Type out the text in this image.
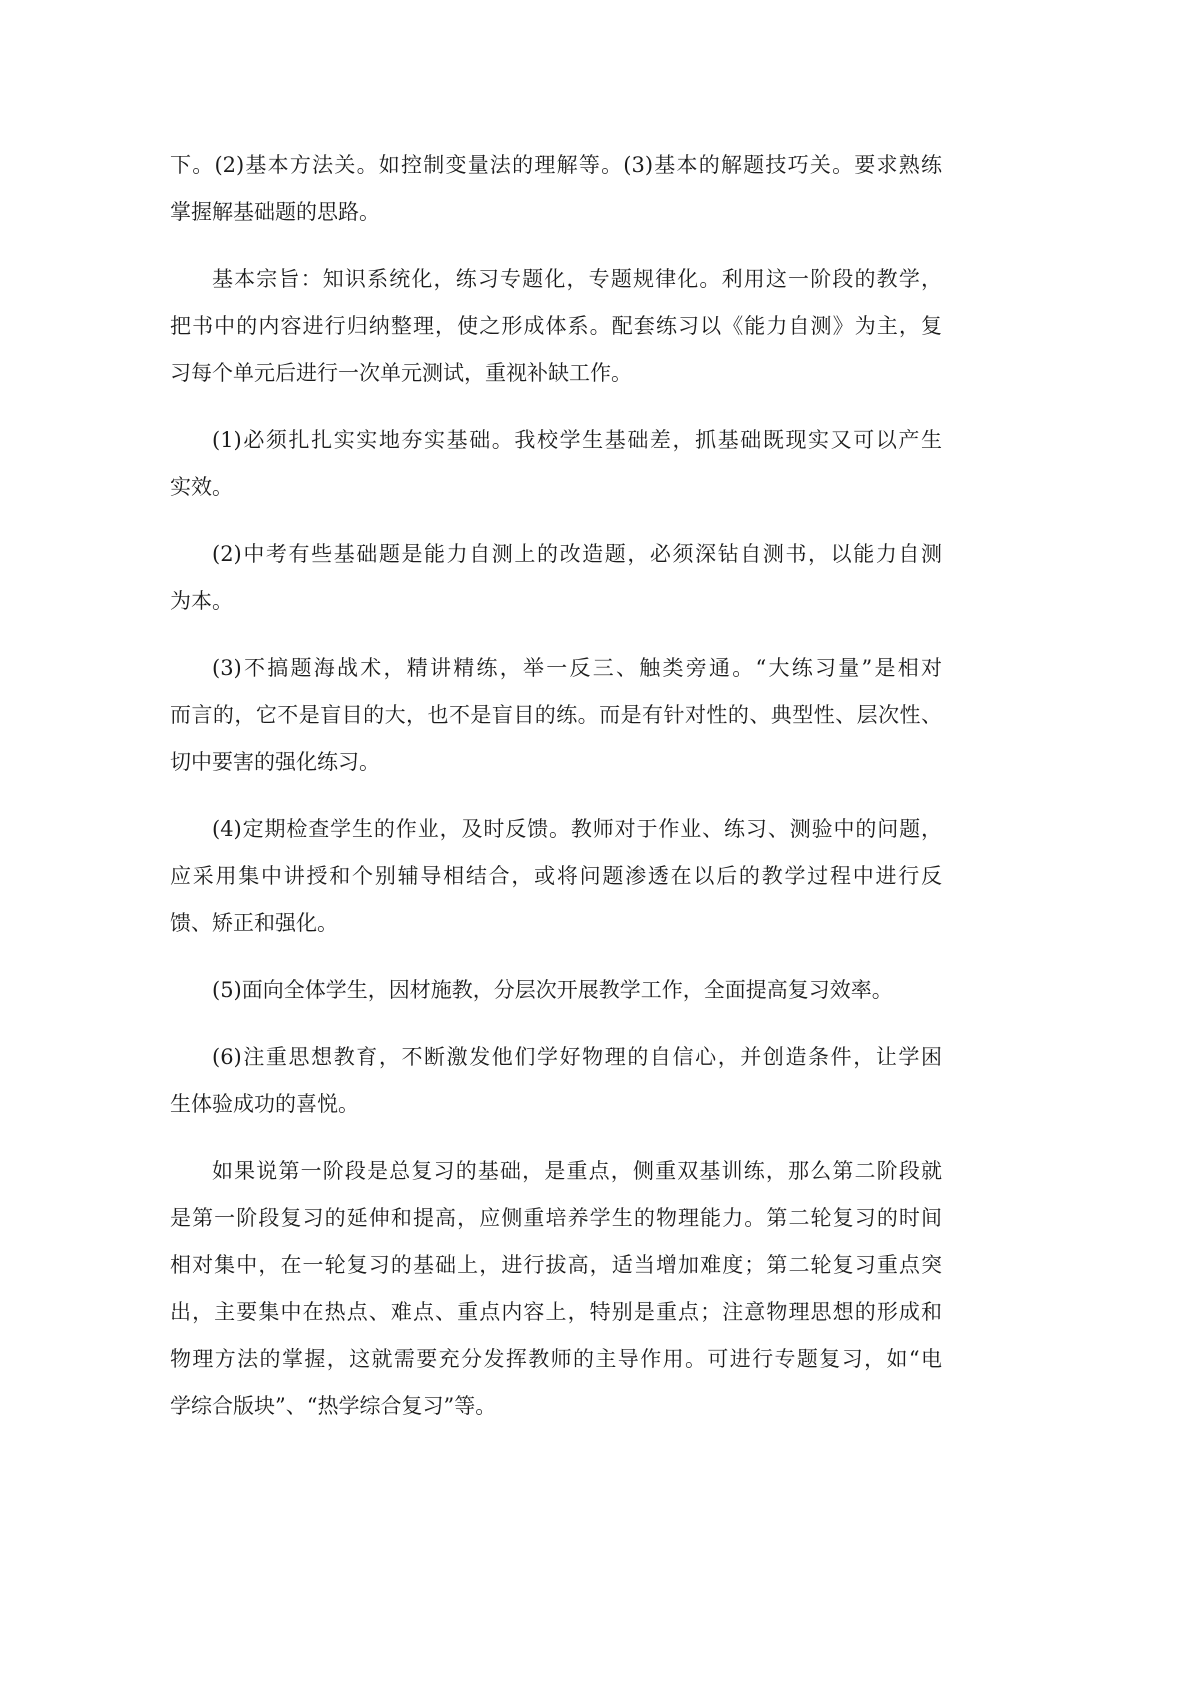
下。(2)基本方法关。如控制变量法的理解等。(3)基本的解题技巧关。要求熟练
掌握解基础题的思路。
基本宗旨：知识系统化，练习专题化，专题规律化。利用这一阶段的教学，
把书中的内容进行归纳整理，使之形成体系。配套练习以《能力自测》为主，复
习每个单元后进行一次单元测试，重视补缺工作。
(1)必须扎扎实实地夯实基础。我校学生基础差，抓基础既现实又可以产生
实效。
(2)中考有些基础题是能力自测上的改造题，必须深钻自测书，以能力自测
为本。
(3)不搞题海战术，精讲精练，举一反三、触类旁通。“大练习量”是相对
而言的，它不是盲目的大，也不是盲目的练。而是有针对性的、典型性、层次性、
切中要害的强化练习。
(4)定期检查学生的作业，及时反馈。教师对于作业、练习、测验中的问题，
应采用集中讲授和个别辅导相结合，或将问题渗透在以后的教学过程中进行反
馈、矫正和强化。
(5)面向全体学生，因材施教，分层次开展教学工作，全面提高复习效率。
(6)注重思想教育，不断激发他们学好物理的自信心，并创造条件，让学困
生体验成功的喜悦。
如果说第一阶段是总复习的基础，是重点，侧重双基训练，那么第二阶段就
是第一阶段复习的延伸和提高，应侧重培养学生的物理能力。第二轮复习的时间
相对集中，在一轮复习的基础上，进行拔高，适当增加难度；第二轮复习重点突
出，主要集中在热点、难点、重点内容上，特别是重点；注意物理思想的形成和
物理方法的掌握，这就需要充分发挥教师的主导作用。可进行专题复习，如“电
学综合版块”、“热学综合复习”等。
